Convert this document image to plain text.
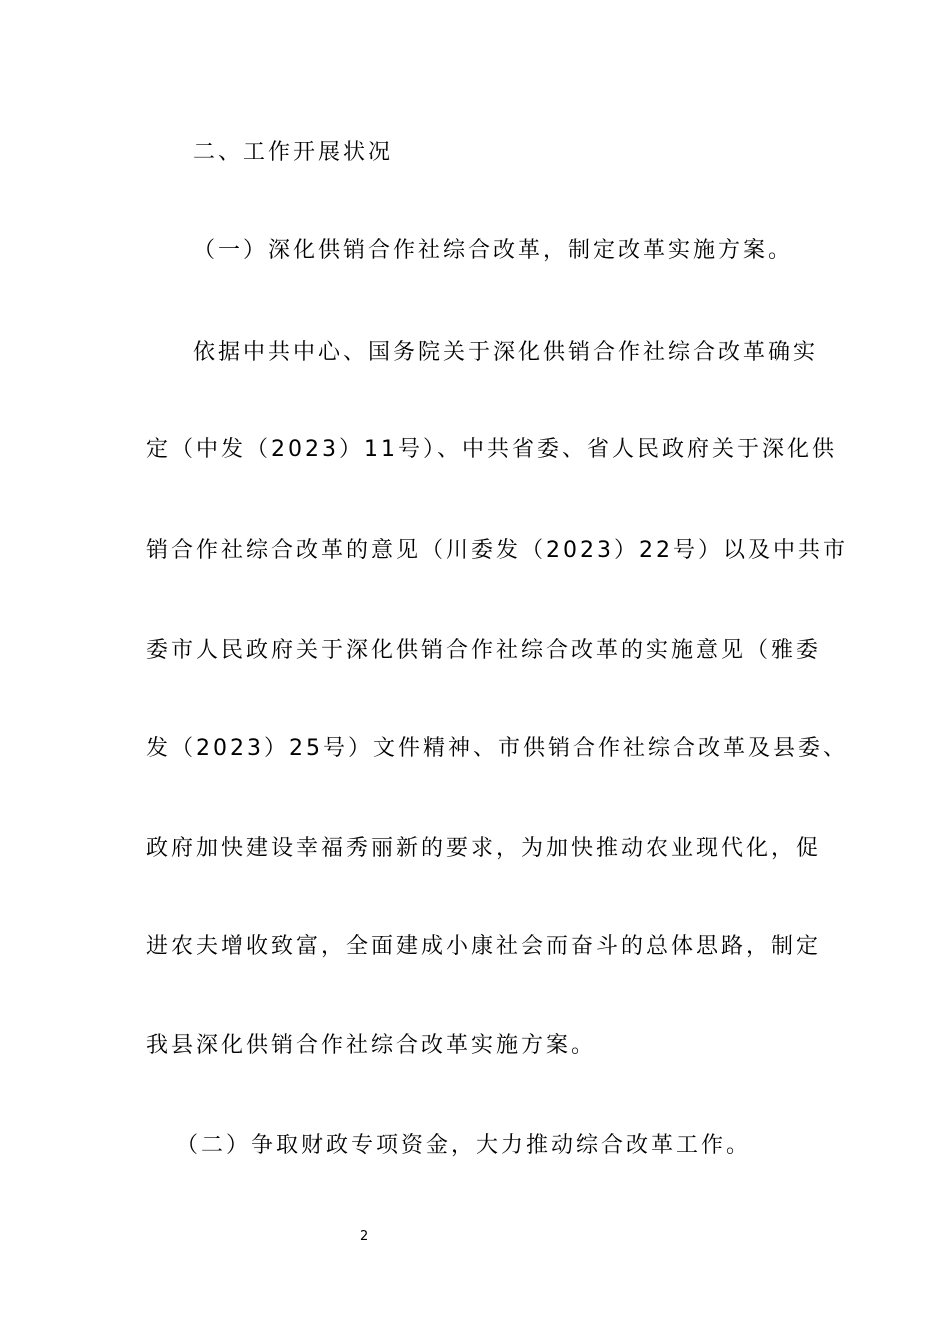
二、工作开展状况
（一）深化供销合作社综合改革，制定改革实施方案。
依据中共中心、国务院关于深化供销合作社综合改革确实
定（中发（2023）11号）、中共省委、省人民政府关于深化供
销合作社综合改革的意见（川委发（2023）22号）以及中共市
委市人民政府关于深化供销合作社综合改革的实施意见（雅委
发（2023）25号）文件精神、市供销合作社综合改革及县委、
政府加快建设幸福秀丽新的要求，为加快推动农业现代化，促
进农夫增收致富，全面建成小康社会而奋斗的总体思路，制定
我县深化供销合作社综合改革实施方案。
（二）争取财政专项资金，大力推动综合改革工作。
2
